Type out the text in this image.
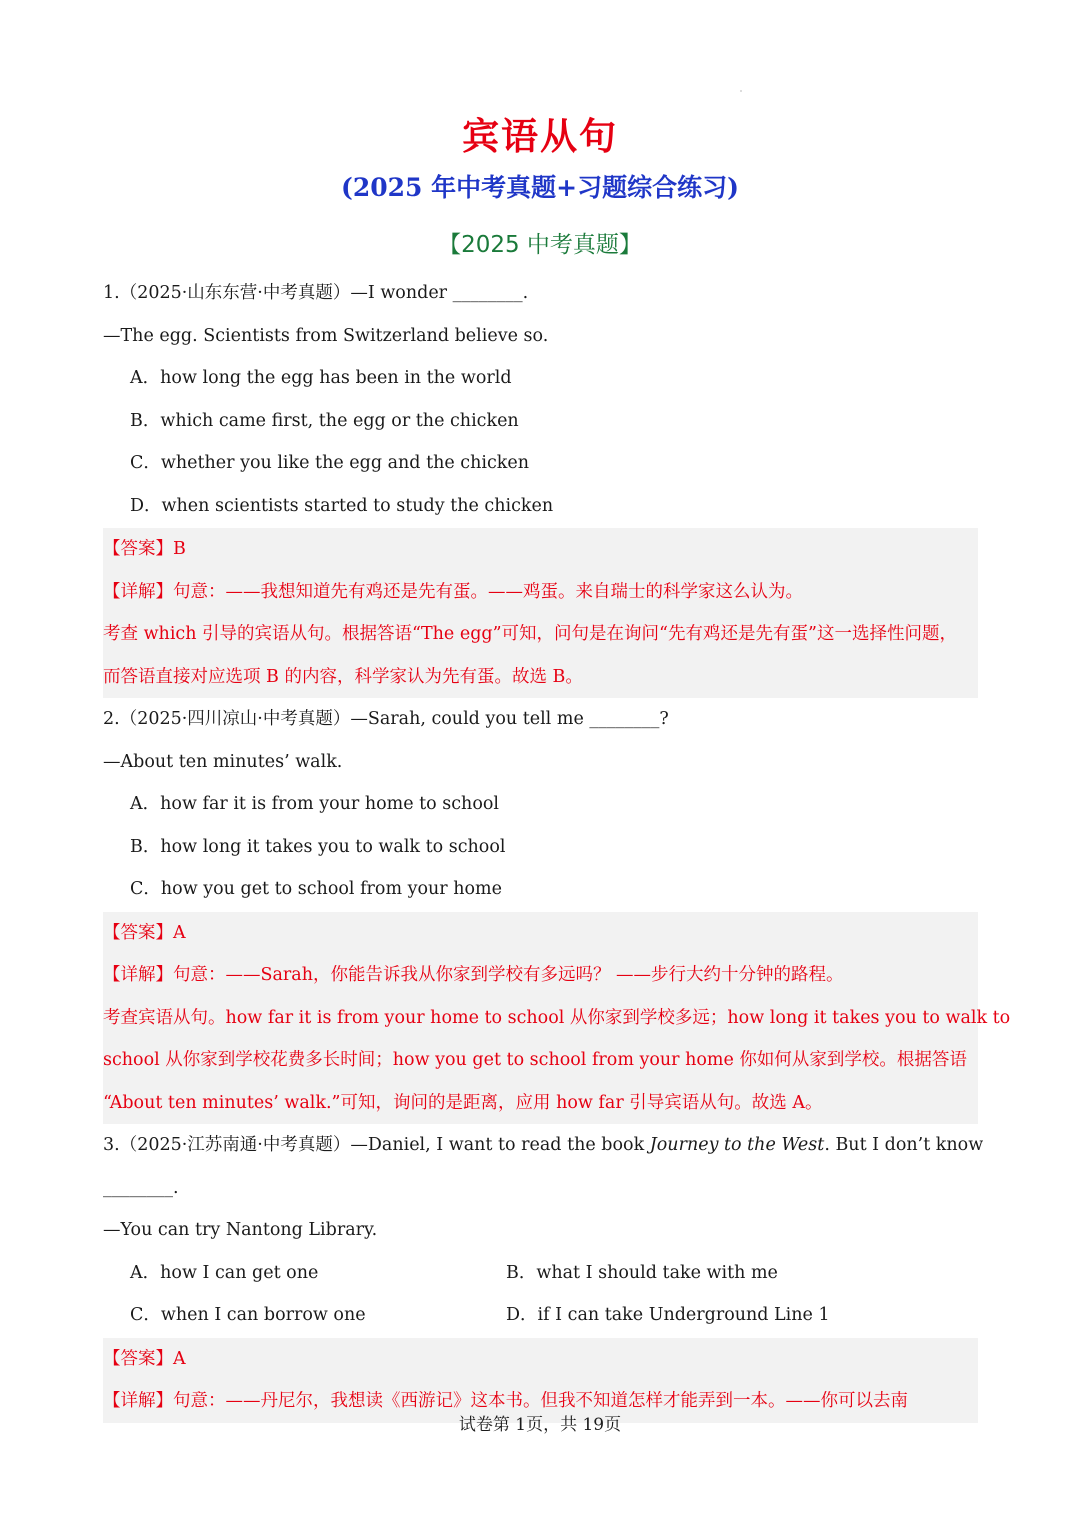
宾语从句
(2025 年中考真题+习题综合练习)
【2025 中考真题】
1.（2025·山东东营·中考真题）—I wonder ________.
—The egg. Scientists from Switzerland believe so.
A．how long the egg has been in the world
B．which came first, the egg or the chicken
C．whether you like the egg and the chicken
D．when scientists started to study the chicken
【答案】B
【详解】句意：——我想知道先有鸡还是先有蛋。——鸡蛋。来自瑞士的科学家这么认为。
考查 which 引导的宾语从句。根据答语“The egg”可知，问句是在询问“先有鸡还是先有蛋”这一选择性问题，
而答语直接对应选项 B 的内容，科学家认为先有蛋。故选 B。
2.（2025·四川凉山·中考真题）—Sarah, could you tell me ________?
—About ten minutes’ walk.
A．how far it is from your home to school
B．how long it takes you to walk to school
C．how you get to school from your home
【答案】A
【详解】句意：——Sarah，你能告诉我从你家到学校有多远吗？ ——步行大约十分钟的路程。
考查宾语从句。how far it is from your home to school 从你家到学校多远；how long it takes you to walk to
school 从你家到学校花费多长时间；how you get to school from your home 你如何从家到学校。根据答语
“About ten minutes’ walk.”可知，询问的是距离，应用 how far 引导宾语从句。故选 A。
3.（2025·江苏南通·中考真题）—Daniel, I want to read the book Journey to the West. But I don’t know
________.
—You can try Nantong Library.
A．how I can get one	B．what I should take with me
C．when I can borrow one	D．if I can take Underground Line 1
【答案】A
【详解】句意：——丹尼尔，我想读《西游记》这本书。但我不知道怎样才能弄到一本。——你可以去南
试卷第 1页，共 19页
